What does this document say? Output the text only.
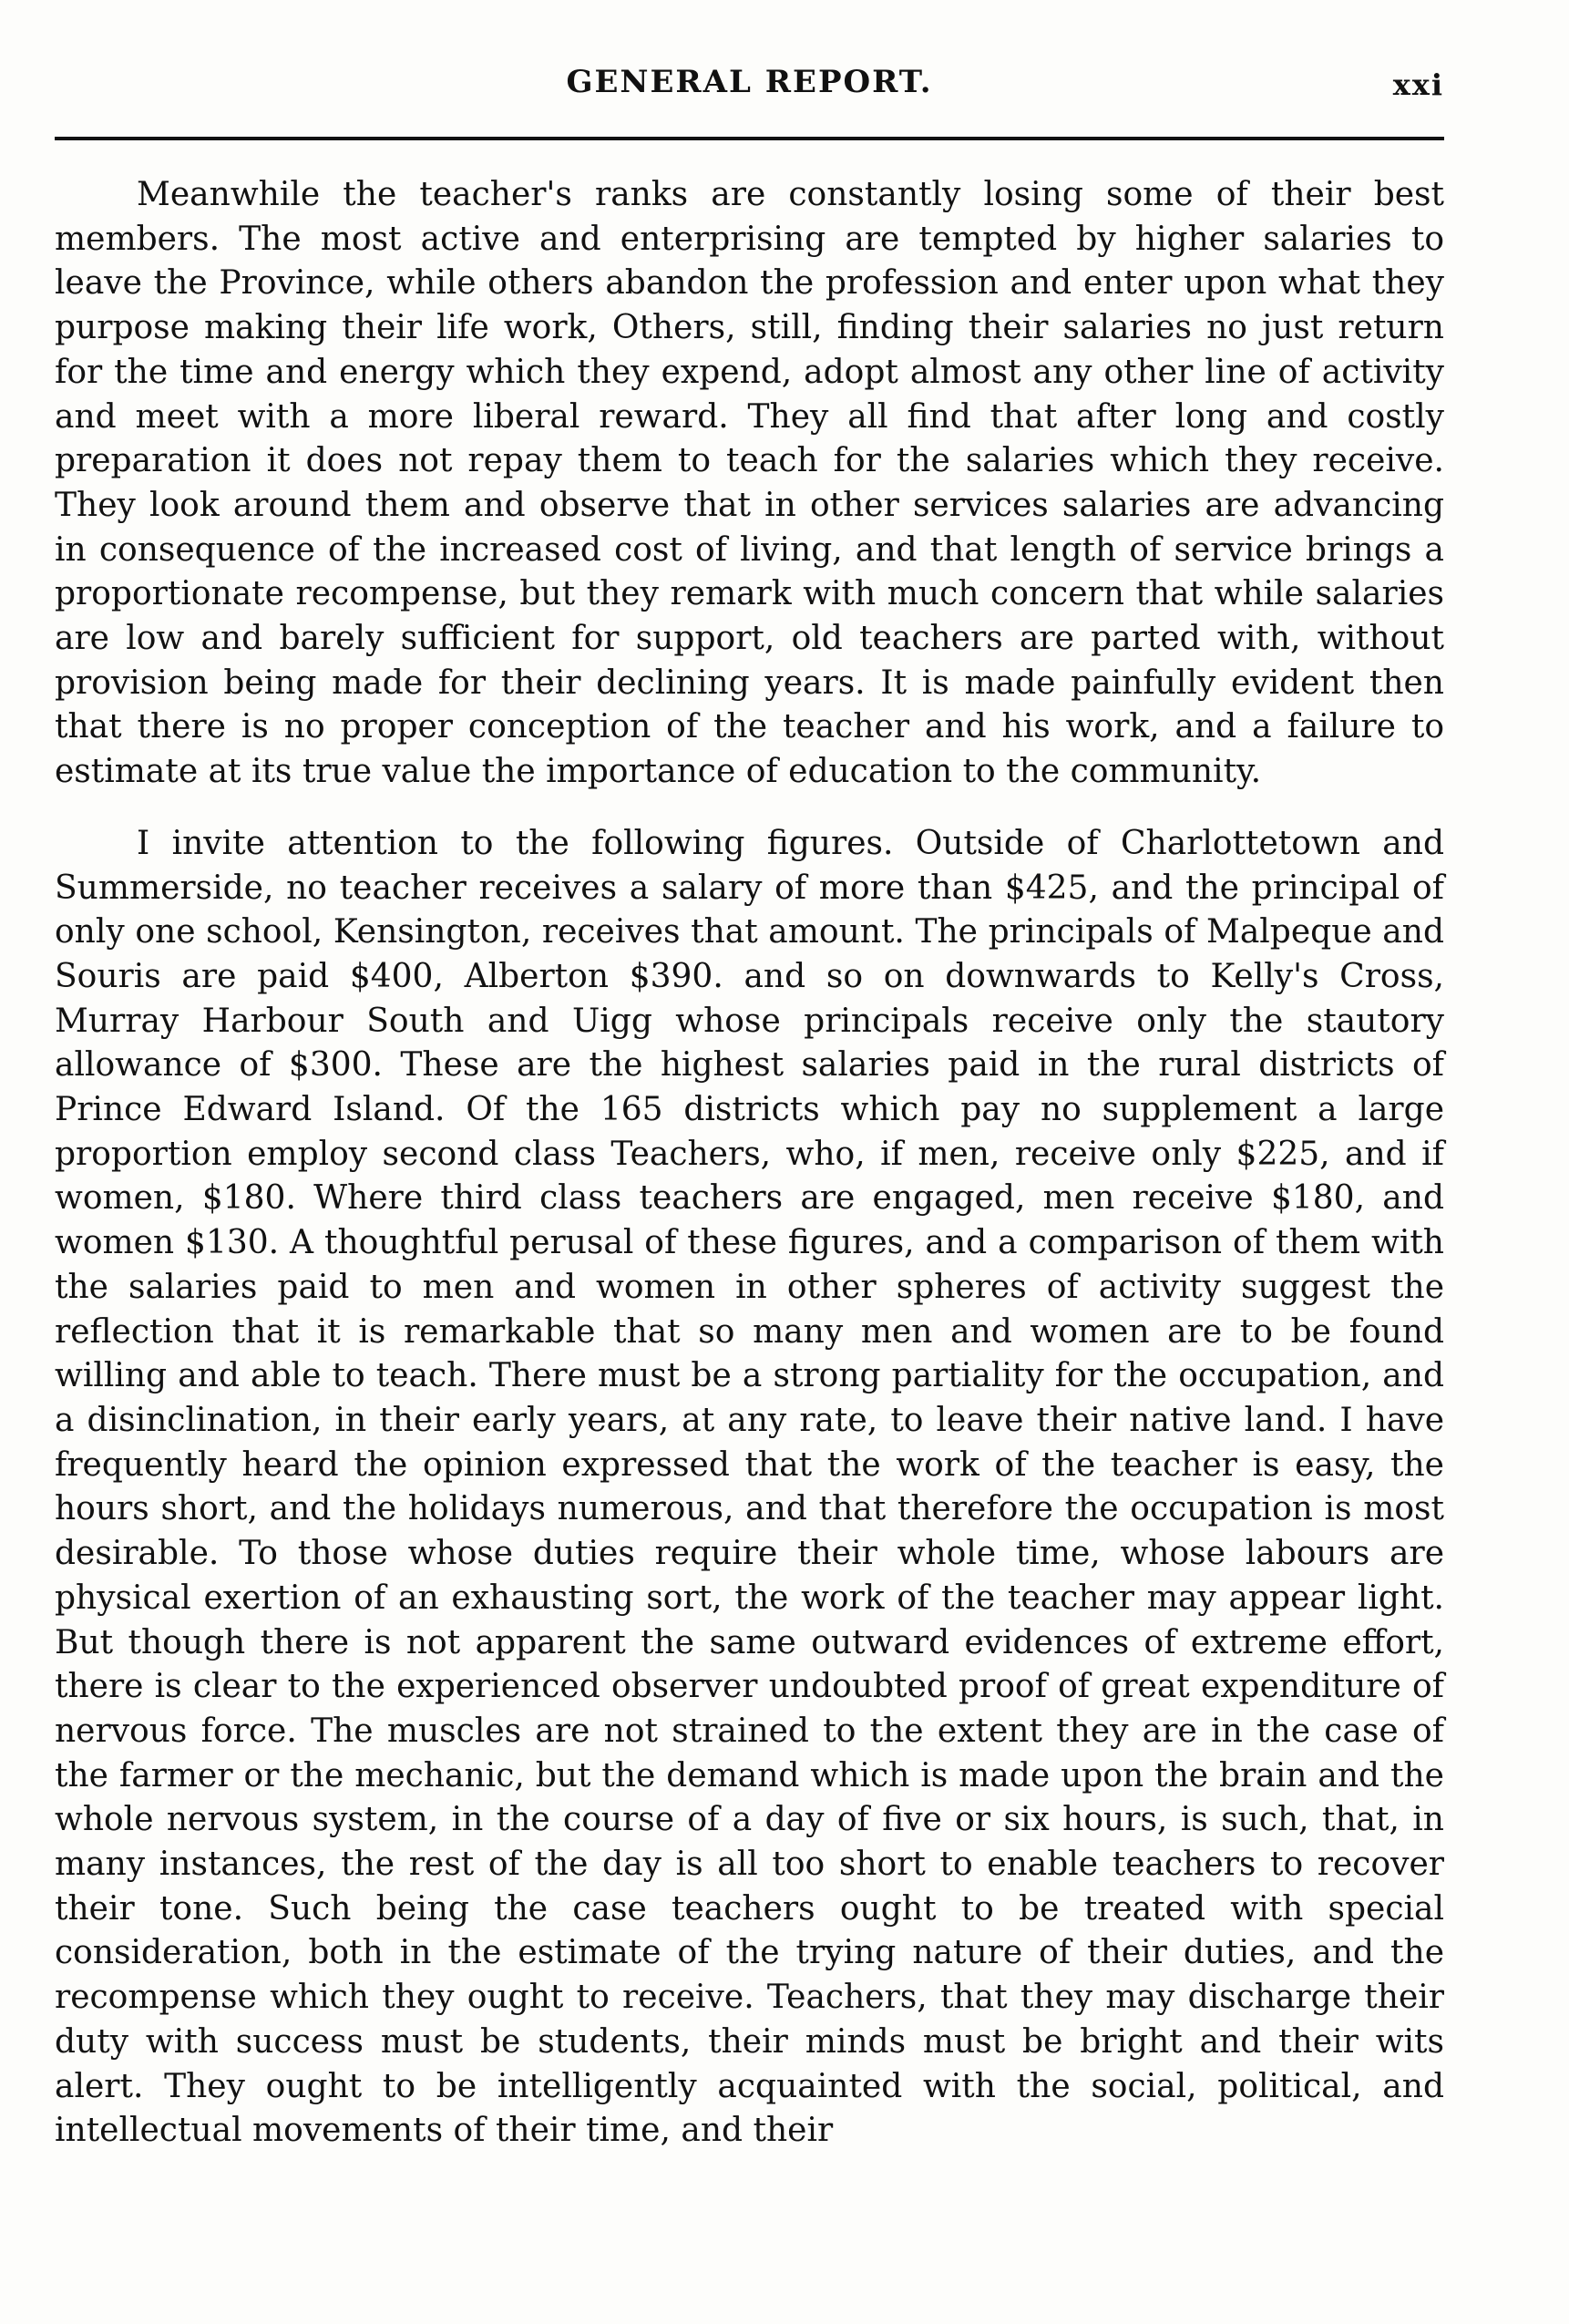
GENERAL REPORT.	xxi

Meanwhile the teacher's ranks are constantly losing some of their best members. The most active and enterprising are tempted by higher salaries to leave the Province, while others abandon the profession and enter upon what they purpose making their life work, Others, still, finding their salaries no just return for the time and energy which they expend, adopt almost any other line of activity and meet with a more liberal reward. They all find that after long and costly preparation it does not repay them to teach for the salaries which they receive. They look around them and observe that in other services salaries are advancing in consequence of the increased cost of living, and that length of service brings a proportionate recompense, but they remark with much concern that while salaries are low and barely sufficient for support, old teachers are parted with, without provision being made for their declining years. It is made painfully evident then that there is no proper conception of the teacher and his work, and a failure to estimate at its true value the importance of education to the community.

I invite attention to the following figures. Outside of Charlottetown and Summerside, no teacher receives a salary of more than $425, and the principal of only one school, Kensington, receives that amount. The principals of Malpeque and Souris are paid $400, Alberton $390. and so on downwards to Kelly's Cross, Murray Harbour South and Uigg whose principals receive only the stautory allowance of $300. These are the highest salaries paid in the rural districts of Prince Edward Island. Of the 165 districts which pay no supplement a large proportion employ second class Teachers, who, if men, receive only $225, and if women, $180. Where third class teachers are engaged, men receive $180, and women $130. A thoughtful perusal of these figures, and a comparison of them with the salaries paid to men and women in other spheres of activity suggest the reflection that it is remarkable that so many men and women are to be found willing and able to teach. There must be a strong partiality for the occupation, and a disinclination, in their early years, at any rate, to leave their native land. I have frequently heard the opinion expressed that the work of the teacher is easy, the hours short, and the holidays numerous, and that therefore the occupation is most desirable. To those whose duties require their whole time, whose labours are physical exertion of an exhausting sort, the work of the teacher may appear light. But though there is not apparent the same outward evidences of extreme effort, there is clear to the experienced observer undoubted proof of great expenditure of nervous force. The muscles are not strained to the extent they are in the case of the farmer or the mechanic, but the demand which is made upon the brain and the whole nervous system, in the course of a day of five or six hours, is such, that, in many instances, the rest of the day is all too short to enable teachers to recover their tone. Such being the case teachers ought to be treated with special consideration, both in the estimate of the trying nature of their duties, and the recompense which they ought to receive. Teachers, that they may discharge their duty with success must be students, their minds must be bright and their wits alert. They ought to be intelligently acquainted with the social, political, and intellectual movements of their time, and their
